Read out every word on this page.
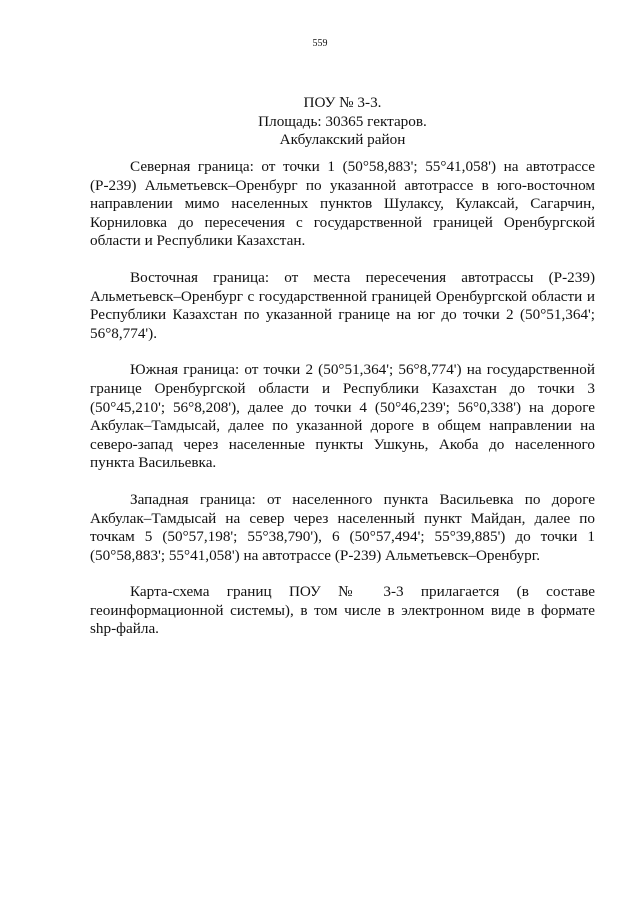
559
ПОУ № 3-3.
Площадь: 30365 гектаров.
Акбулакский район

Северная граница: от точки 1 (50°58,883'; 55°41,058') на автотрассе (Р-239) Альметьевск–Оренбург по указанной автотрассе в юго-восточном направлении мимо населенных пунктов Шулаксу, Кулаксай, Сагарчин, Корниловка до пересечения с государственной границей Оренбургской области и Республики Казахстан.

Восточная граница: от места пересечения автотрассы (Р-239) Альметьевск–Оренбург с государственной границей Оренбургской области и Республики Казахстан по указанной границе на юг до точки 2 (50°51,364'; 56°8,774').

Южная граница: от точки 2 (50°51,364'; 56°8,774') на государственной границе Оренбургской области и Республики Казахстан до точки 3 (50°45,210'; 56°8,208'), далее до точки 4 (50°46,239'; 56°0,338') на дороге Акбулак–Тамдысай, далее по указанной дороге в общем направлении на северо-запад через населенные пункты Ушкунь, Акоба до населенного пункта Васильевка.

Западная граница: от населенного пункта Васильевка по дороге Акбулак–Тамдысай на север через населенный пункт Майдан, далее по точкам 5 (50°57,198'; 55°38,790'), 6 (50°57,494'; 55°39,885') до точки 1 (50°58,883'; 55°41,058') на автотрассе (Р-239) Альметьевск–Оренбург.

Карта-схема границ ПОУ № 3-3 прилагается (в составе геоинформационной системы), в том числе в электронном виде в формате shp-файла.
